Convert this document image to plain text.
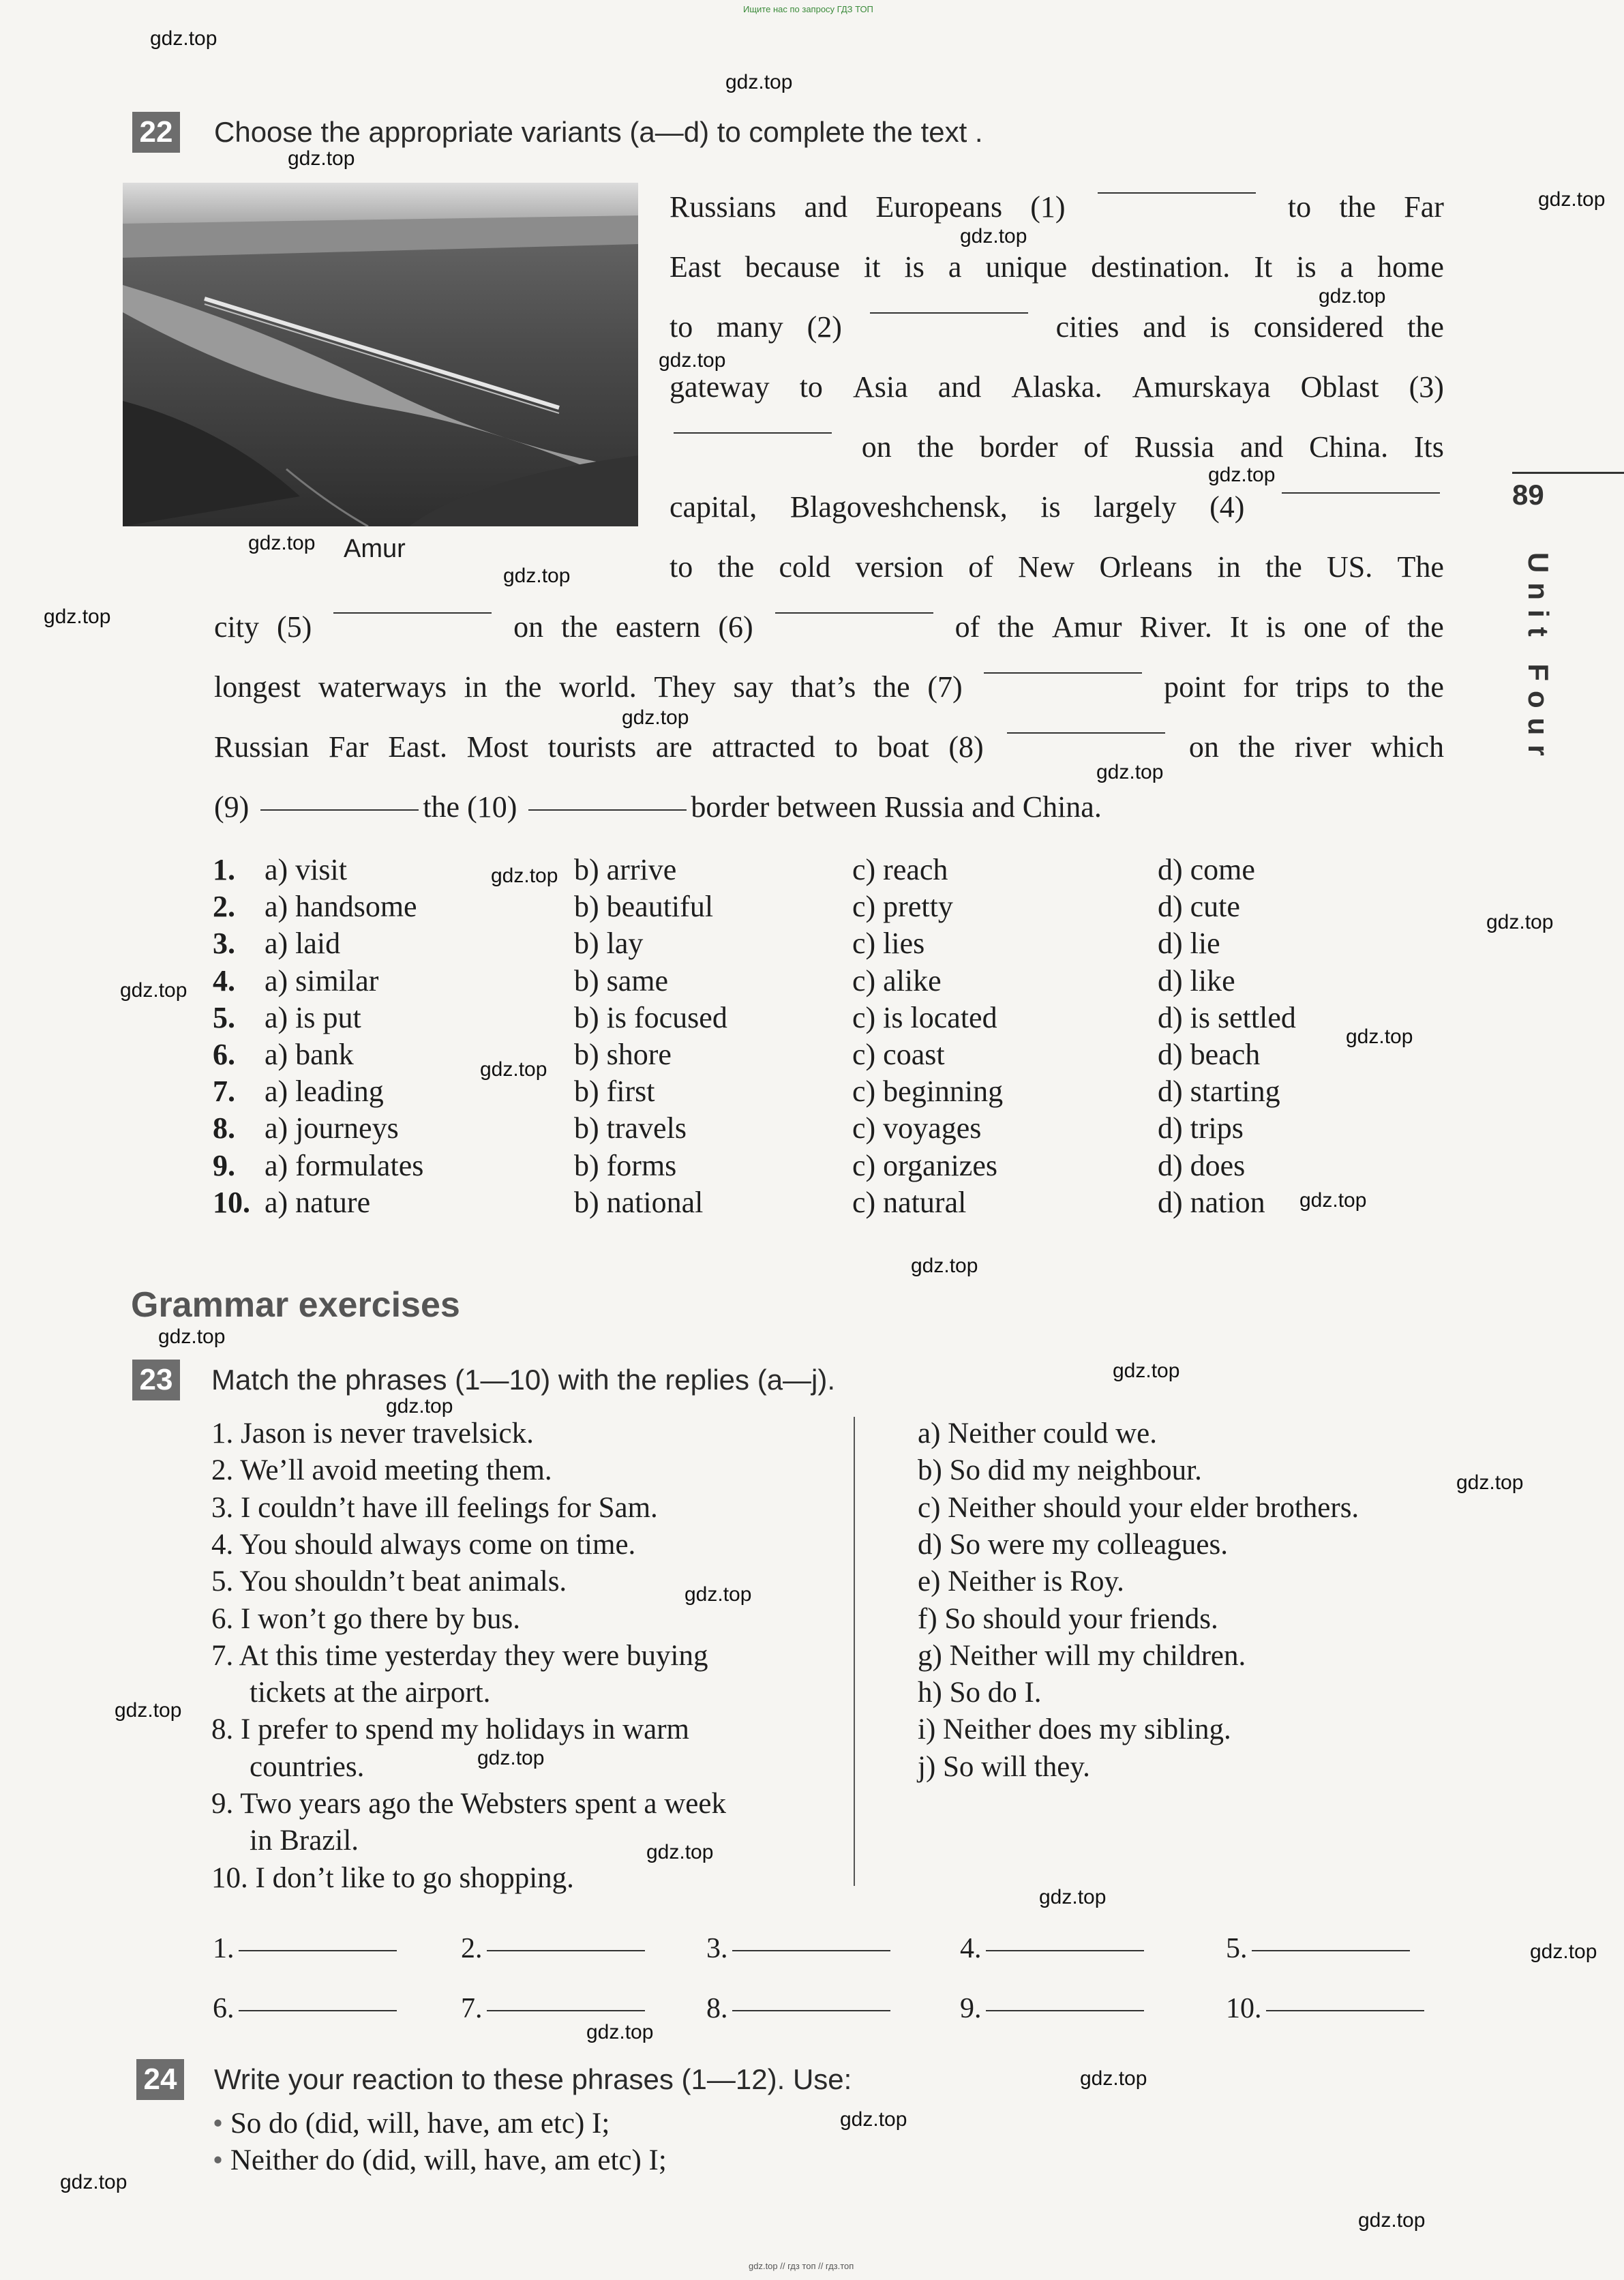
Ищите нас по запросу ГДЗ ТОП
22 Choose the appropriate variants (a—d) to complete the text .
Amur
Russians and Europeans (1)	to the Far
East because it is a unique destination. It is a home
to many (2)	cities and is considered the
gateway to Asia and Alaska. Amurskaya Oblast (3)
on the border of Russia and China. Its
capital, Blagoveshchensk, is largely (4)
to the cold version of New Orleans in the US. The
city (5)	on the eastern (6)	of the Amur River. It is one of the
longest waterways in the world. They say that’s the (7)	point for trips to the
Russian Far East. Most tourists are attracted to boat (8)	on the river which
(9)	the (10)	border between Russia and China.
1. a) visit	b) arrive	c) reach	d) come
2. a) handsome	b) beautiful	c) pretty	d) cute
3. a) laid	b) lay	c) lies	d) lie
4. a) similar	b) same	c) alike	d) like
5. a) is put	b) is focused	c) is located	d) is settled
6. a) bank	b) shore	c) coast	d) beach
7. a) leading	b) first	c) beginning	d) starting
8. a) journeys	b) travels	c) voyages	d) trips
9. a) formulates	b) forms	c) organizes	d) does
10. a) nature	b) national	c) natural	d) nation
Grammar exercises
23 Match the phrases (1—10) with the replies (a—j).
1. Jason is never travelsick.
2. We’ll avoid meeting them.
3. I couldn’t have ill feelings for Sam.
4. You should always come on time.
5. You shouldn’t beat animals.
6. I won’t go there by bus.
7. At this time yesterday they were buying
tickets at the airport.
8. I prefer to spend my holidays in warm
countries.
9. Two years ago the Websters spent a week
in Brazil.
10. I don’t like to go shopping.
a) Neither could we.
b) So did my neighbour.
c) Neither should your elder brothers.
d) So were my colleagues.
e) Neither is Roy.
f) So should your friends.
g) Neither will my children.
h) So do I.
i) Neither does my sibling.
j) So will they.
1.	2.	3.	4.	5.
6.	7.	8.	9.	10.
24 Write your reaction to these phrases (1—12). Use:
• So do (did, will, have, am etc) I;
• Neither do (did, will, have, am etc) I;
89
Unit Four
gdz.top // гдз топ // гдз.топ
gdz.top
gdz.top
gdz.top
gdz.top
gdz.top
gdz.top
gdz.top
gdz.top
gdz.top
gdz.top
gdz.top
gdz.top
gdz.top
gdz.top
gdz.top
gdz.top
gdz.top
gdz.top
gdz.top
gdz.top
gdz.top
gdz.top
gdz.top
gdz.top
gdz.top
gdz.top
gdz.top
gdz.top
gdz.top
gdz.top
gdz.top
gdz.top
gdz.top
gdz.top
gdz.top
